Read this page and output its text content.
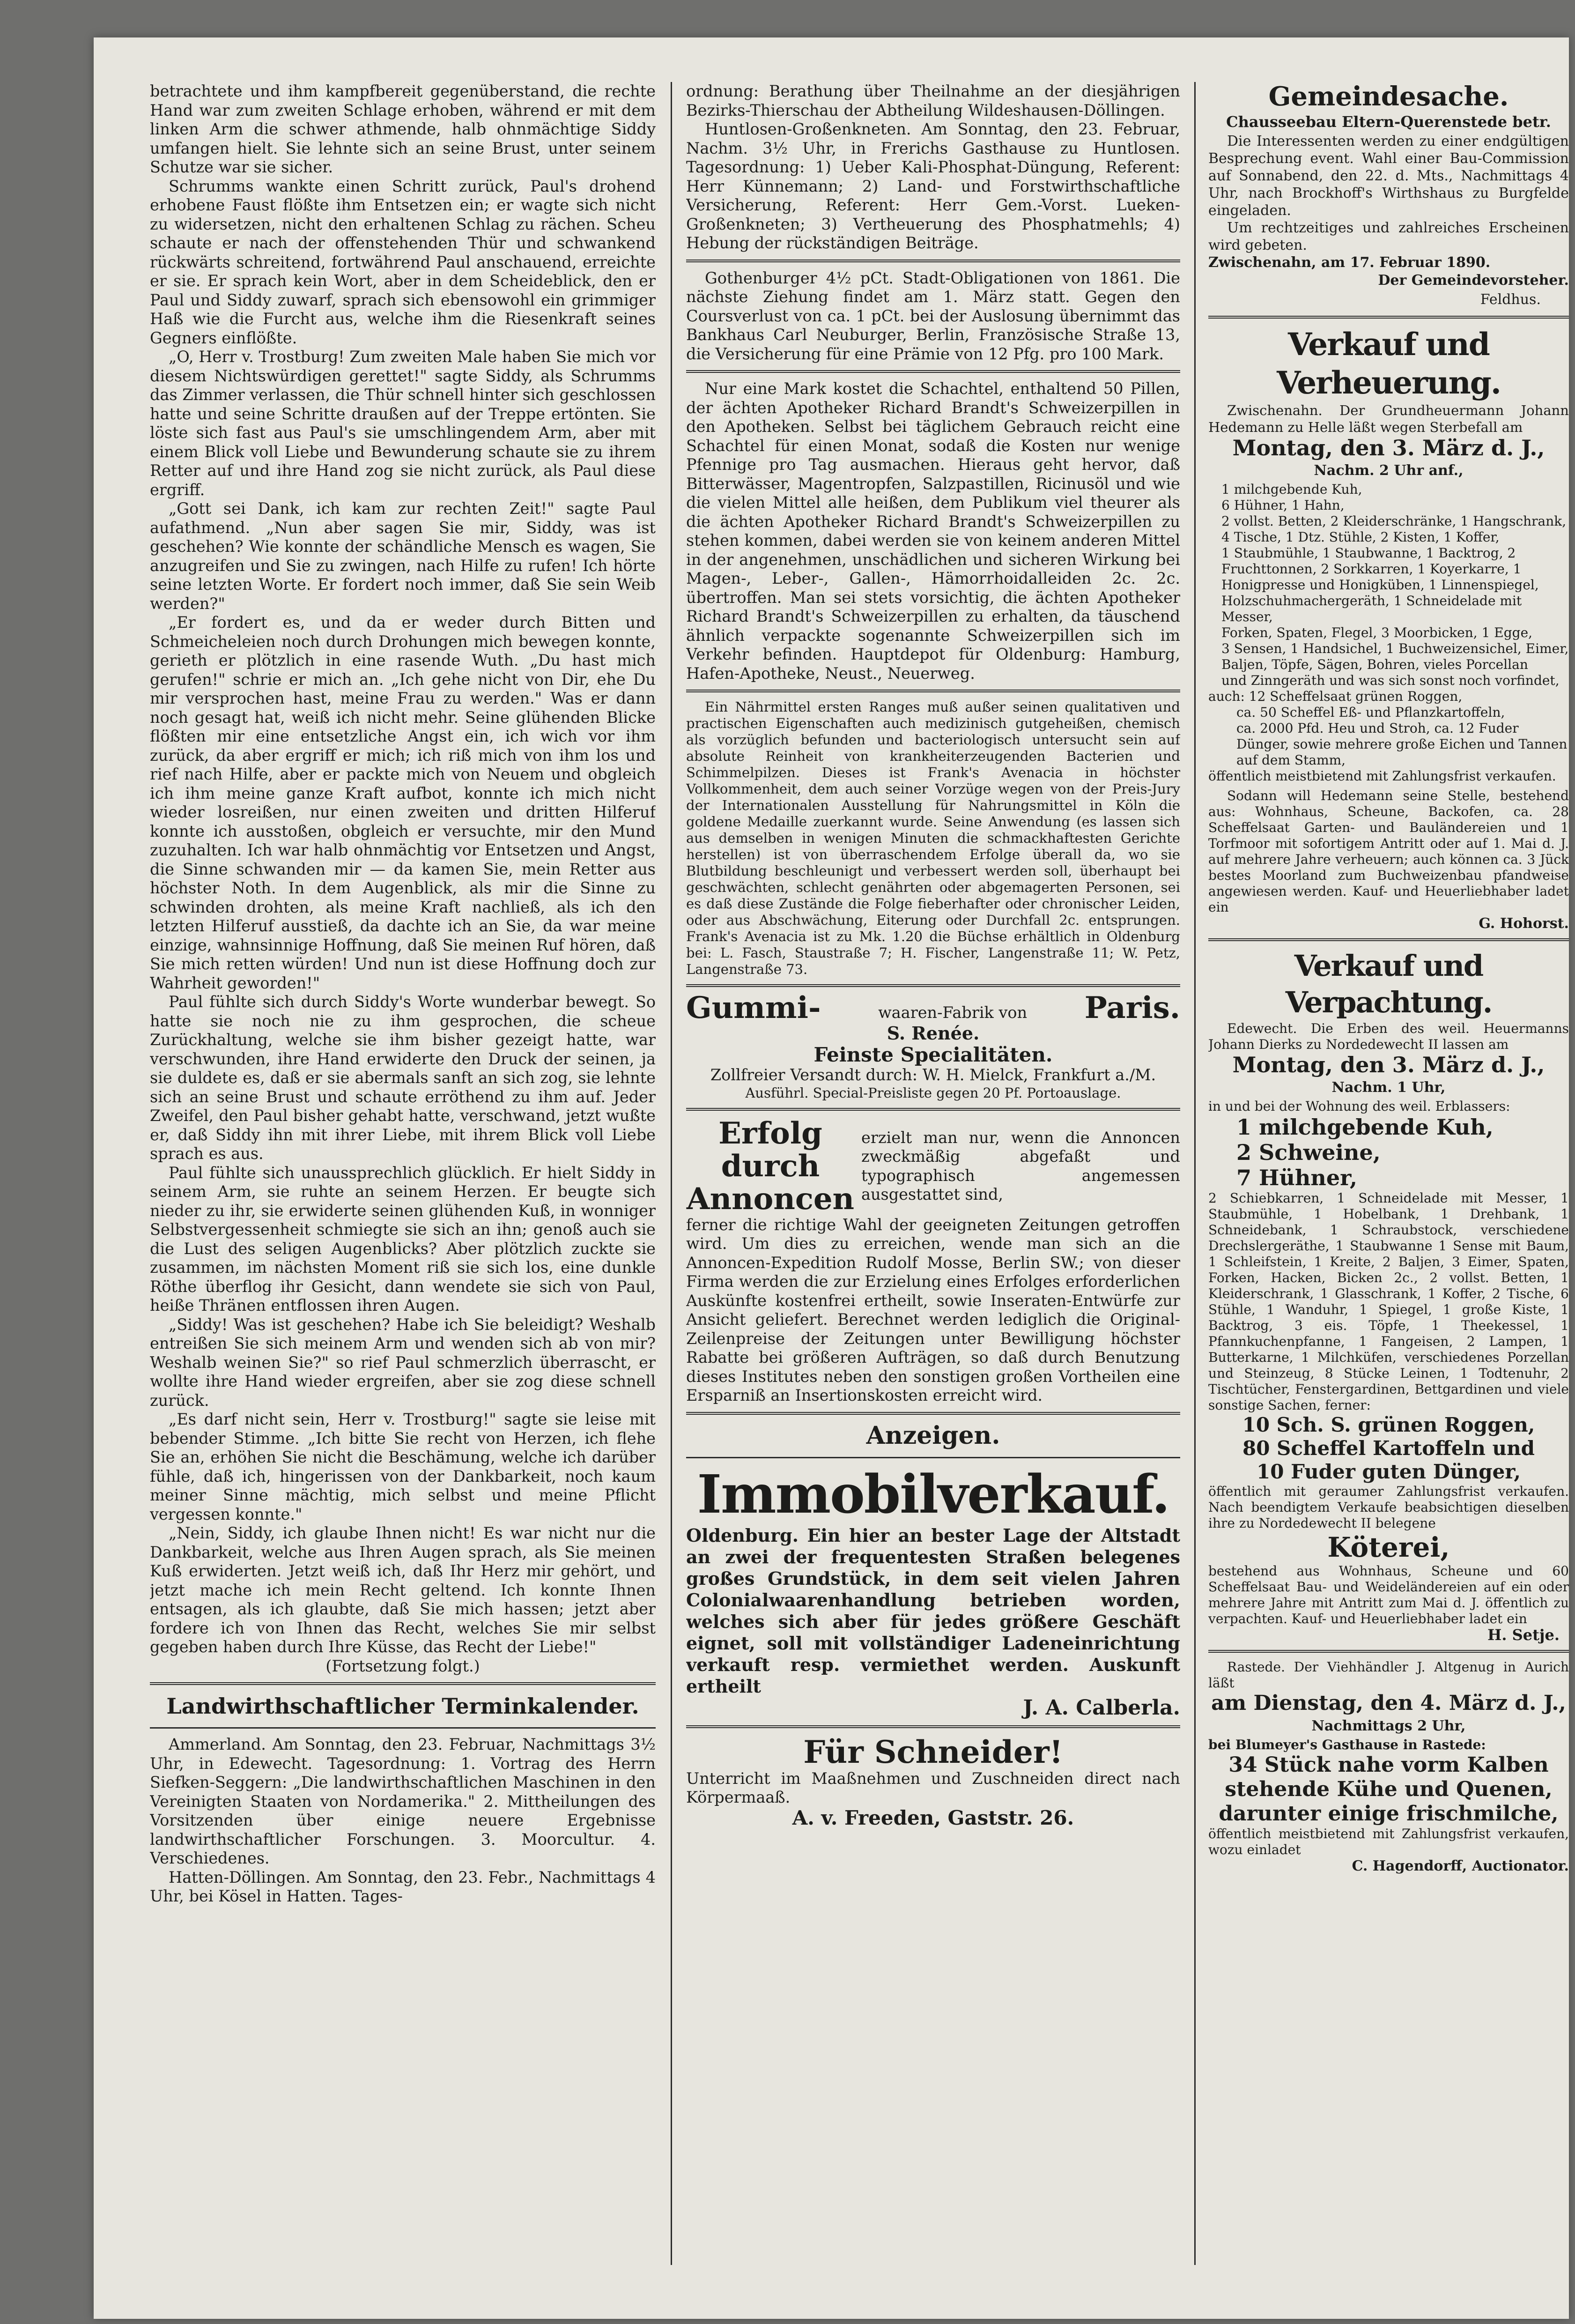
betrachtete und ihm kampfbereit gegenüberstand, die rechte Hand war zum zweiten Schlage erhoben, während er mit dem linken Arm die schwer athmende, halb ohnmächtige Siddy umfangen hielt. Sie lehnte sich an seine Brust, unter seinem Schutze war sie sicher.

Schrumms wankte einen Schritt zurück, Paul's drohend erhobene Faust flößte ihm Entsetzen ein; er wagte sich nicht zu widersetzen, nicht den erhaltenen Schlag zu rächen. Scheu schaute er nach der offenstehenden Thür und schwankend rückwärts schreitend, fortwährend Paul anschauend, erreichte er sie. Er sprach kein Wort, aber in dem Scheideblick, den er Paul und Siddy zuwarf, sprach sich ebensowohl ein grimmiger Haß wie die Furcht aus, welche ihm die Riesenkraft seines Gegners einflößte.

„O, Herr v. Trostburg! Zum zweiten Male haben Sie mich vor diesem Nichtswürdigen gerettet!" sagte Siddy, als Schrumms das Zimmer verlassen, die Thür schnell hinter sich geschlossen hatte und seine Schritte draußen auf der Treppe ertönten. Sie löste sich fast aus Paul's sie umschlingendem Arm, aber mit einem Blick voll Liebe und Bewunderung schaute sie zu ihrem Retter auf und ihre Hand zog sie nicht zurück, als Paul diese ergriff.

„Gott sei Dank, ich kam zur rechten Zeit!" sagte Paul aufathmend. „Nun aber sagen Sie mir, Siddy, was ist geschehen? Wie konnte der schändliche Mensch es wagen, Sie anzugreifen und Sie zu zwingen, nach Hilfe zu rufen! Ich hörte seine letzten Worte. Er fordert noch immer, daß Sie sein Weib werden?"

„Er fordert es, und da er weder durch Bitten und Schmeicheleien noch durch Drohungen mich bewegen konnte, gerieth er plötzlich in eine rasende Wuth. „Du hast mich gerufen!" schrie er mich an. „Ich gehe nicht von Dir, ehe Du mir versprochen hast, meine Frau zu werden." Was er dann noch gesagt hat, weiß ich nicht mehr. Seine glühenden Blicke flößten mir eine entsetzliche Angst ein, ich wich vor ihm zurück, da aber ergriff er mich; ich riß mich von ihm los und rief nach Hilfe, aber er packte mich von Neuem und obgleich ich ihm meine ganze Kraft aufbot, konnte ich mich nicht wieder losreißen, nur einen zweiten und dritten Hilferuf konnte ich ausstoßen, obgleich er versuchte, mir den Mund zuzuhalten. Ich war halb ohnmächtig vor Entsetzen und Angst, die Sinne schwanden mir — da kamen Sie, mein Retter aus höchster Noth. In dem Augenblick, als mir die Sinne zu schwinden drohten, als meine Kraft nachließ, als ich den letzten Hilferuf ausstieß, da dachte ich an Sie, da war meine einzige, wahnsinnige Hoffnung, daß Sie meinen Ruf hören, daß Sie mich retten würden! Und nun ist diese Hoffnung doch zur Wahrheit geworden!"

Paul fühlte sich durch Siddy's Worte wunderbar bewegt. So hatte sie noch nie zu ihm gesprochen, die scheue Zurückhaltung, welche sie ihm bisher gezeigt hatte, war verschwunden, ihre Hand erwiderte den Druck der seinen, ja sie duldete es, daß er sie abermals sanft an sich zog, sie lehnte sich an seine Brust und schaute erröthend zu ihm auf. Jeder Zweifel, den Paul bisher gehabt hatte, verschwand, jetzt wußte er, daß Siddy ihn mit ihrer Liebe, mit ihrem Blick voll Liebe sprach es aus.

Paul fühlte sich unaussprechlich glücklich. Er hielt Siddy in seinem Arm, sie ruhte an seinem Herzen. Er beugte sich nieder zu ihr, sie erwiderte seinen glühenden Kuß, in wonniger Selbstvergessenheit schmiegte sie sich an ihn; genoß auch sie die Lust des seligen Augenblicks? Aber plötzlich zuckte sie zusammen, im nächsten Moment riß sie sich los, eine dunkle Röthe überflog ihr Gesicht, dann wendete sie sich von Paul, heiße Thränen entflossen ihren Augen.

„Siddy! Was ist geschehen? Habe ich Sie beleidigt? Weshalb entreißen Sie sich meinem Arm und wenden sich ab von mir? Weshalb weinen Sie?" so rief Paul schmerzlich überrascht, er wollte ihre Hand wieder ergreifen, aber sie zog diese schnell zurück.

„Es darf nicht sein, Herr v. Trostburg!" sagte sie leise mit bebender Stimme. „Ich bitte Sie recht von Herzen, ich flehe Sie an, erhöhen Sie nicht die Beschämung, welche ich darüber fühle, daß ich, hingerissen von der Dankbarkeit, noch kaum meiner Sinne mächtig, mich selbst und meine Pflicht vergessen konnte."

„Nein, Siddy, ich glaube Ihnen nicht! Es war nicht nur die Dankbarkeit, welche aus Ihren Augen sprach, als Sie meinen Kuß erwiderten. Jetzt weiß ich, daß Ihr Herz mir gehört, und jetzt mache ich mein Recht geltend. Ich konnte Ihnen entsagen, als ich glaubte, daß Sie mich hassen; jetzt aber fordere ich von Ihnen das Recht, welches Sie mir selbst gegeben haben durch Ihre Küsse, das Recht der Liebe!"

(Fortsetzung folgt.)

Landwirthschaftlicher Terminkalender.

Ammerland. Am Sonntag, den 23. Februar, Nachmittags 3½ Uhr, in Edewecht. Tagesordnung: 1. Vortrag des Herrn Siefken-Seggern: „Die landwirthschaftlichen Maschinen in den Vereinigten Staaten von Nordamerika." 2. Mittheilungen des Vorsitzenden über einige neuere Ergebnisse landwirthschaftlicher Forschungen. 3. Moorcultur. 4. Verschiedenes.

Hatten-Döllingen. Am Sonntag, den 23. Febr., Nachmittags 4 Uhr, bei Kösel in Hatten. Tages-

ordnung: Berathung über Theilnahme an der diesjährigen Bezirks-Thierschau der Abtheilung Wildeshausen-Döllingen.

Huntlosen-Großenkneten. Am Sonntag, den 23. Februar, Nachm. 3½ Uhr, in Frerichs Gasthause zu Huntlosen. Tagesordnung: 1) Ueber Kali-Phosphat-Düngung, Referent: Herr Künnemann; 2) Land- und Forstwirthschaftliche Versicherung, Referent: Herr Gem.-Vorst. Lueken-Großenkneten; 3) Vertheuerung des Phosphatmehls; 4) Hebung der rückständigen Beiträge.

Gothenburger 4½ pCt. Stadt-Obligationen von 1861. Die nächste Ziehung findet am 1. März statt. Gegen den Coursverlust von ca. 1 pCt. bei der Auslosung übernimmt das Bankhaus Carl Neuburger, Berlin, Französische Straße 13, die Versicherung für eine Prämie von 12 Pfg. pro 100 Mark.

Nur eine Mark kostet die Schachtel, enthaltend 50 Pillen, der ächten Apotheker Richard Brandt's Schweizerpillen in den Apotheken. Selbst bei täglichem Gebrauch reicht eine Schachtel für einen Monat, sodaß die Kosten nur wenige Pfennige pro Tag ausmachen. Hieraus geht hervor, daß Bitterwässer, Magentropfen, Salzpastillen, Ricinusöl und wie die vielen Mittel alle heißen, dem Publikum viel theurer als die ächten Apotheker Richard Brandt's Schweizerpillen zu stehen kommen, dabei werden sie von keinem anderen Mittel in der angenehmen, unschädlichen und sicheren Wirkung bei Magen-, Leber-, Gallen-, Hämorrhoidalleiden 2c. 2c. übertroffen. Man sei stets vorsichtig, die ächten Apotheker Richard Brandt's Schweizerpillen zu erhalten, da täuschend ähnlich verpackte sogenannte Schweizerpillen sich im Verkehr befinden. Hauptdepot für Oldenburg: Hamburg, Hafen-Apotheke, Neust., Neuerweg.

Ein Nährmittel ersten Ranges muß außer seinen qualitativen und practischen Eigenschaften auch medizinisch gutgeheißen, chemisch als vorzüglich befunden und bacteriologisch untersucht sein auf absolute Reinheit von krankheiterzeugenden Bacterien und Schimmelpilzen. Dieses ist Frank's Avenacia in höchster Vollkommenheit, dem auch seiner Vorzüge wegen von der Preis-Jury der Internationalen Ausstellung für Nahrungsmittel in Köln die goldene Medaille zuerkannt wurde. Seine Anwendung (es lassen sich aus demselben in wenigen Minuten die schmackhaftesten Gerichte herstellen) ist von überraschendem Erfolge überall da, wo sie Blutbildung beschleunigt und verbessert werden soll, überhaupt bei geschwächten, schlecht genährten oder abgemagerten Personen, sei es daß diese Zustände die Folge fieberhafter oder chronischer Leiden, oder aus Abschwächung, Eiterung oder Durchfall 2c. entsprungen. Frank's Avenacia ist zu Mk. 1.20 die Büchse erhältlich in Oldenburg bei: L. Fasch, Staustraße 7; H. Fischer, Langenstraße 11; W. Petz, Langenstraße 73.

Gummi-	waaren-Fabrik von	Paris.
S. Renée.
Feinste Specialitäten.
Zollfreier Versandt durch: W. H. Mielck, Frankfurt a./M.
Ausführl. Special-Preisliste gegen 20 Pf. Portoauslage.
Erfolg durch Annoncen

erzielt man nur, wenn die Annoncen zweckmäßig abgefaßt und typographisch angemessen ausgestattet sind,

ferner die richtige Wahl der geeigneten Zeitungen getroffen wird. Um dies zu erreichen, wende man sich an die Annoncen-Expedition Rudolf Mosse, Berlin SW.; von dieser Firma werden die zur Erzielung eines Erfolges erforderlichen Auskünfte kostenfrei ertheilt, sowie Inseraten-Entwürfe zur Ansicht geliefert. Berechnet werden lediglich die Original-Zeilenpreise der Zeitungen unter Bewilligung höchster Rabatte bei größeren Aufträgen, so daß durch Benutzung dieses Institutes neben den sonstigen großen Vortheilen eine Ersparniß an Insertionskosten erreicht wird.

Anzeigen.
Immobilverkauf.

Oldenburg. Ein hier an bester Lage der Altstadt an zwei der frequentesten Straßen belegenes großes Grundstück, in dem seit vielen Jahren Colonialwaarenhandlung betrieben worden, welches sich aber für jedes größere Geschäft eignet, soll mit vollständiger Ladeneinrichtung verkauft resp. vermiethet werden. Auskunft ertheilt

J. A. Calberla.
Für Schneider!

Unterricht im Maaßnehmen und Zuschneiden direct nach Körpermaaß.

A. v. Freeden, Gaststr. 26.
Gemeindesache.
Chausseebau Eltern-Querenstede betr.

Die Interessenten werden zu einer endgültigen Besprechung event. Wahl einer Bau-Commission auf Sonnabend, den 22. d. Mts., Nachmittags 4 Uhr, nach Brockhoff's Wirthshaus zu Burgfelde eingeladen.

Um rechtzeitiges und zahlreiches Erscheinen wird gebeten.

Zwischenahn, am 17. Februar 1890.

Der Gemeindevorsteher.
Feldhus.
Verkauf und Verheuerung.

Zwischenahn. Der Grundheuermann Johann Hedemann zu Helle läßt wegen Sterbefall am

Montag, den 3. März d. J.,
Nachm. 2 Uhr anf.,
1 milchgebende Kuh,
6 Hühner, 1 Hahn,
2 vollst. Betten, 2 Kleiderschränke, 1 Hangschrank,
4 Tische, 1 Dtz. Stühle, 2 Kisten, 1 Koffer,
1 Staubmühle, 1 Staubwanne, 1 Backtrog, 2
Fruchttonnen, 2 Sorkkarren, 1 Koyerkarre, 1
Honigpresse und Honigküben, 1 Linnenspiegel,
Holzschuhmachergeräth, 1 Schneidelade mit Messer,
Forken, Spaten, Flegel, 3 Moorbicken, 1 Egge,
3 Sensen, 1 Handsichel, 1 Buchweizensichel, Eimer,
Baljen, Töpfe, Sägen, Bohren, vieles Porcellan
und Zinngeräth und was sich sonst noch vorfindet,
auch: 12 Scheffelsaat grünen Roggen,
ca. 50 Scheffel Eß- und Pflanzkartoffeln,
ca. 2000 Pfd. Heu und Stroh, ca. 12 Fuder
Dünger, sowie mehrere große Eichen und Tannen
auf dem Stamm,
öffentlich meistbietend mit Zahlungsfrist verkaufen.

Sodann will Hedemann seine Stelle, bestehend aus: Wohnhaus, Scheune, Backofen, ca. 28 Scheffelsaat Garten- und Bauländereien und 1 Torfmoor mit sofortigem Antritt oder auf 1. Mai d. J. auf mehrere Jahre verheuern; auch können ca. 3 Jück bestes Moorland zum Buchweizenbau pfandweise angewiesen werden. Kauf- und Heuerliebhaber ladet ein

G. Hohorst.
Verkauf und Verpachtung.

Edewecht. Die Erben des weil. Heuermanns Johann Dierks zu Nordedewecht II lassen am

Montag, den 3. März d. J.,
Nachm. 1 Uhr,
in und bei der Wohnung des weil. Erblassers:
1 milchgebende Kuh,
2 Schweine,
7 Hühner,

2 Schiebkarren, 1 Schneidelade mit Messer, 1 Staubmühle, 1 Hobelbank, 1 Drehbank, 1 Schneidebank, 1 Schraubstock, verschiedene Drechslergeräthe, 1 Staubwanne 1 Sense mit Baum, 1 Schleifstein, 1 Kreite, 2 Baljen, 3 Eimer, Spaten, Forken, Hacken, Bicken 2c., 2 vollst. Betten, 1 Kleiderschrank, 1 Glasschrank, 1 Koffer, 2 Tische, 6 Stühle, 1 Wanduhr, 1 Spiegel, 1 große Kiste, 1 Backtrog, 3 eis. Töpfe, 1 Theekessel, 1 Pfannkuchenpfanne, 1 Fangeisen, 2 Lampen, 1 Butterkarne, 1 Milchküfen, verschiedenes Porzellan und Steinzeug, 8 Stücke Leinen, 1 Todtenuhr, 2 Tischtücher, Fenstergardinen, Bettgardinen und viele sonstige Sachen, ferner:

10 Sch. S. grünen Roggen,
80 Scheffel Kartoffeln und
10 Fuder guten Dünger,

öffentlich mit geraumer Zahlungsfrist verkaufen. Nach beendigtem Verkaufe beabsichtigen dieselben ihre zu Nordedewecht II belegene

Köterei,

bestehend aus Wohnhaus, Scheune und 60 Scheffelsaat Bau- und Weideländereien auf ein oder mehrere Jahre mit Antritt zum Mai d. J. öffentlich zu verpachten. Kauf- und Heuerliebhaber ladet ein

H. Setje.

Rastede. Der Viehhändler J. Altgenug in Aurich läßt

am Dienstag, den 4. März d. J.,
Nachmittags 2 Uhr,
bei Blumeyer's Gasthause in Rastede:
34 Stück nahe vorm Kalben stehende Kühe und Quenen, darunter einige frischmilche,

öffentlich meistbietend mit Zahlungsfrist verkaufen, wozu einladet

C. Hagendorff, Auctionator.
